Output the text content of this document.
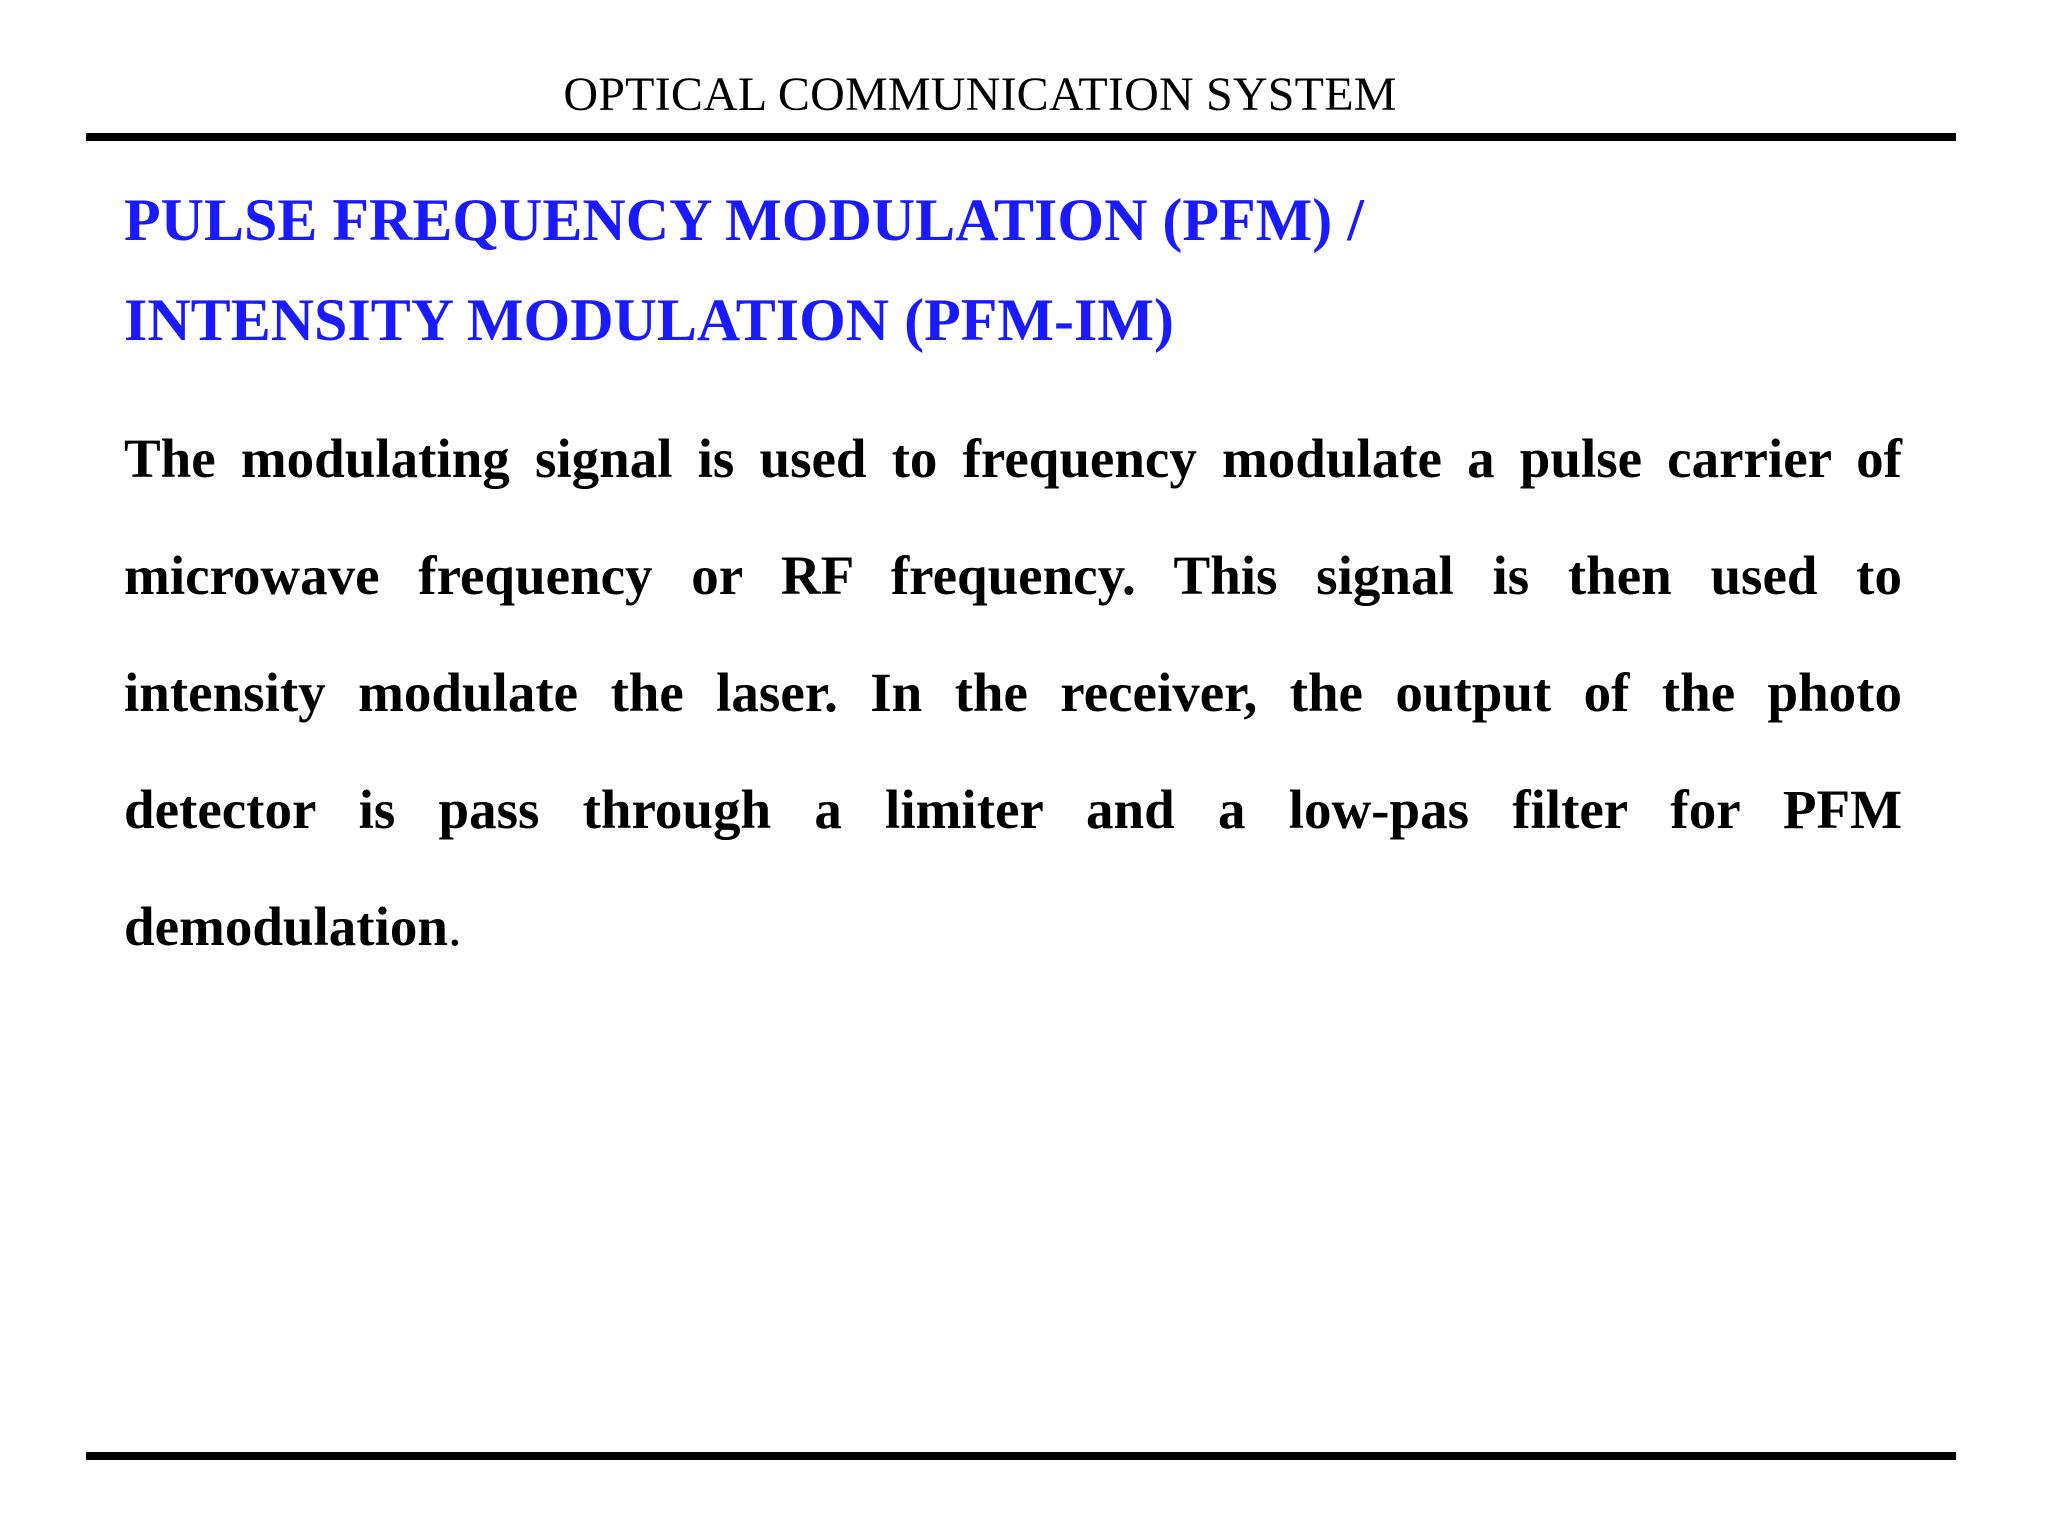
OPTICAL COMMUNICATION SYSTEM
PULSE FREQUENCY MODULATION (PFM) /
INTENSITY MODULATION (PFM-IM)
The modulating signal is used to frequency modulate a pulse carrier of
microwave frequency or RF frequency. This signal is then used to
intensity modulate the laser. In the receiver, the output of the photo
detector is pass through a limiter and a low-pas filter for PFM
demodulation.
